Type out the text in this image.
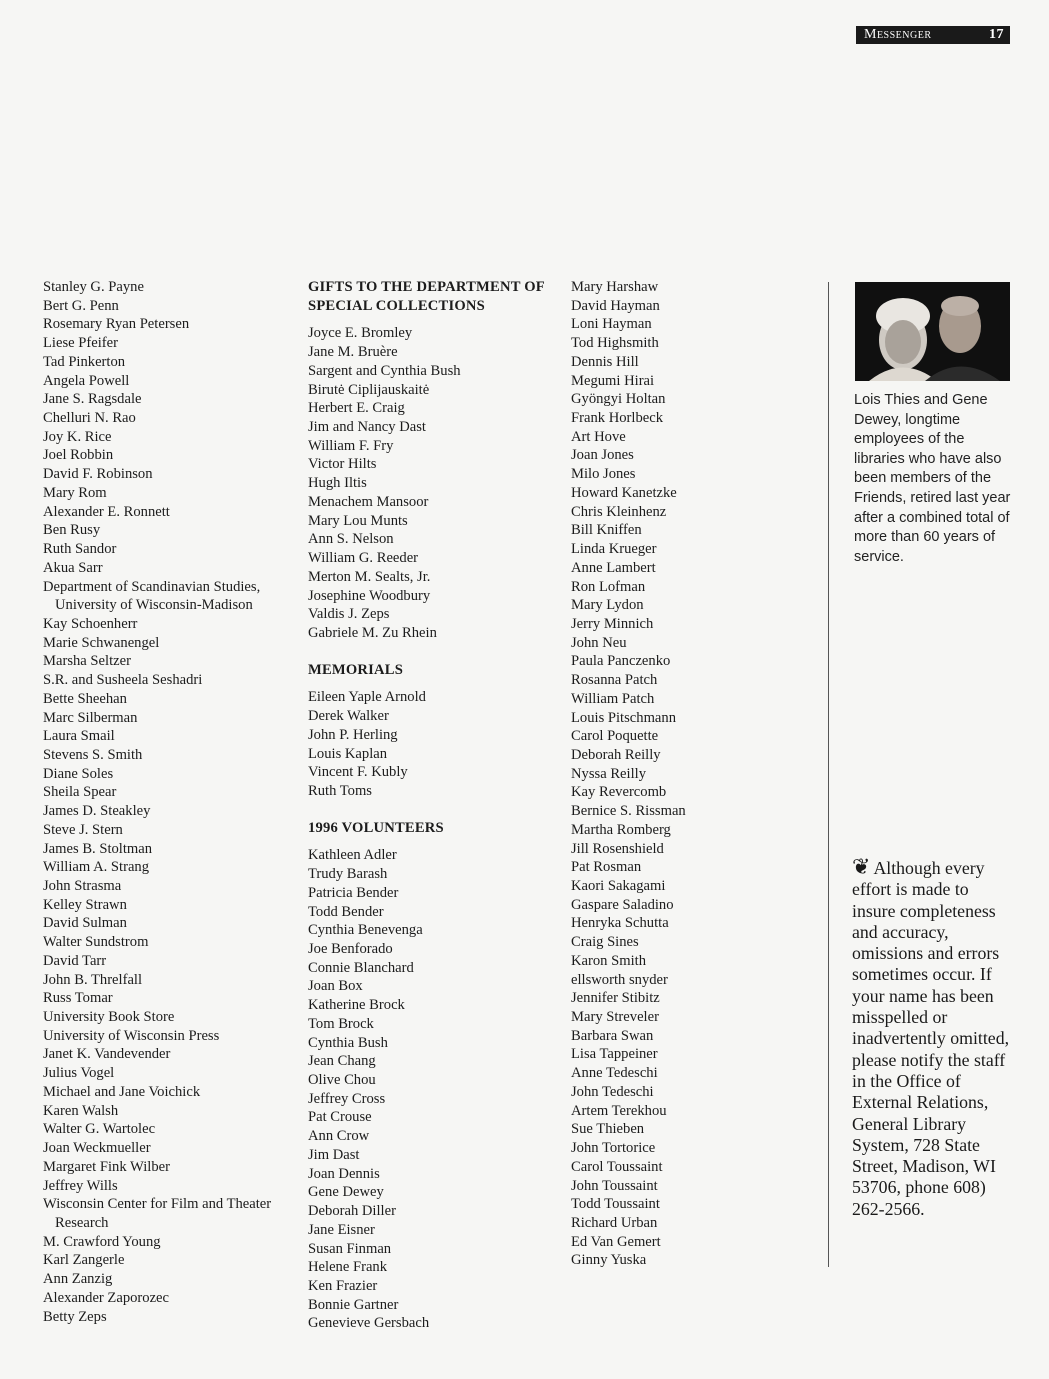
Messenger	17

Stanley G. Payne

Bert G. Penn

Rosemary Ryan Petersen

Liese Pfeifer

Tad Pinkerton

Angela Powell

Jane S. Ragsdale

Chelluri N. Rao

Joy K. Rice

Joel Robbin

David F. Robinson

Mary Rom

Alexander E. Ronnett

Ben Rusy

Ruth Sandor

Akua Sarr

Department of Scandinavian Studies, University of Wisconsin-Madison

Kay Schoenherr

Marie Schwanengel

Marsha Seltzer

S.R. and Susheela Seshadri

Bette Sheehan

Marc Silberman

Laura Smail

Stevens S. Smith

Diane Soles

Sheila Spear

James D. Steakley

Steve J. Stern

James B. Stoltman

William A. Strang

John Strasma

Kelley Strawn

David Sulman

Walter Sundstrom

David Tarr

John B. Threlfall

Russ Tomar

University Book Store

University of Wisconsin Press

Janet K. Vandevender

Julius Vogel

Michael and Jane Voichick

Karen Walsh

Walter G. Wartolec

Joan Weckmueller

Margaret Fink Wilber

Jeffrey Wills

Wisconsin Center for Film and Theater Research

M. Crawford Young

Karl Zangerle

Ann Zanzig

Alexander Zaporozec

Betty Zeps

GIFTS TO THE DEPARTMENT OF SPECIAL COLLECTIONS

Joyce E. Bromley

Jane M. Bruère

Sargent and Cynthia Bush

Birutė Ciplijauskaitė

Herbert E. Craig

Jim and Nancy Dast

William F. Fry

Victor Hilts

Hugh Iltis

Menachem Mansoor

Mary Lou Munts

Ann S. Nelson

William G. Reeder

Merton M. Sealts, Jr.

Josephine Woodbury

Valdis J. Zeps

Gabriele M. Zu Rhein

MEMORIALS

Eileen Yaple Arnold

Derek Walker

John P. Herling

Louis Kaplan

Vincent F. Kubly

Ruth Toms

1996 VOLUNTEERS

Kathleen Adler

Trudy Barash

Patricia Bender

Todd Bender

Cynthia Benevenga

Joe Benforado

Connie Blanchard

Joan Box

Katherine Brock

Tom Brock

Cynthia Bush

Jean Chang

Olive Chou

Jeffrey Cross

Pat Crouse

Ann Crow

Jim Dast

Joan Dennis

Gene Dewey

Deborah Diller

Jane Eisner

Susan Finman

Helene Frank

Ken Frazier

Bonnie Gartner

Genevieve Gersbach

Mary Harshaw

David Hayman

Loni Hayman

Tod Highsmith

Dennis Hill

Megumi Hirai

Gyöngyi Holtan

Frank Horlbeck

Art Hove

Joan Jones

Milo Jones

Howard Kanetzke

Chris Kleinhenz

Bill Kniffen

Linda Krueger

Anne Lambert

Ron Lofman

Mary Lydon

Jerry Minnich

John Neu

Paula Panczenko

Rosanna Patch

William Patch

Louis Pitschmann

Carol Poquette

Deborah Reilly

Nyssa Reilly

Kay Revercomb

Bernice S. Rissman

Martha Romberg

Jill Rosenshield

Pat Rosman

Kaori Sakagami

Gaspare Saladino

Henryka Schutta

Craig Sines

Karon Smith

ellsworth snyder

Jennifer Stibitz

Mary Streveler

Barbara Swan

Lisa Tappeiner

Anne Tedeschi

John Tedeschi

Artem Terekhou

Sue Thieben

John Tortorice

Carol Toussaint

John Toussaint

Todd Toussaint

Richard Urban

Ed Van Gemert

Ginny Yuska

Lois Thies and Gene Dewey, longtime employees of the libraries who have also been members of the Friends, retired last year after a combined total of more than 60 years of service.
❦ Although every effort is made to insure completeness and accuracy, omissions and errors sometimes occur. If your name has been misspelled or inadvertently omitted, please notify the staff in the Office of External Relations, General Library System, 728 State Street, Madison, WI 53706, phone 608) 262-2566.
